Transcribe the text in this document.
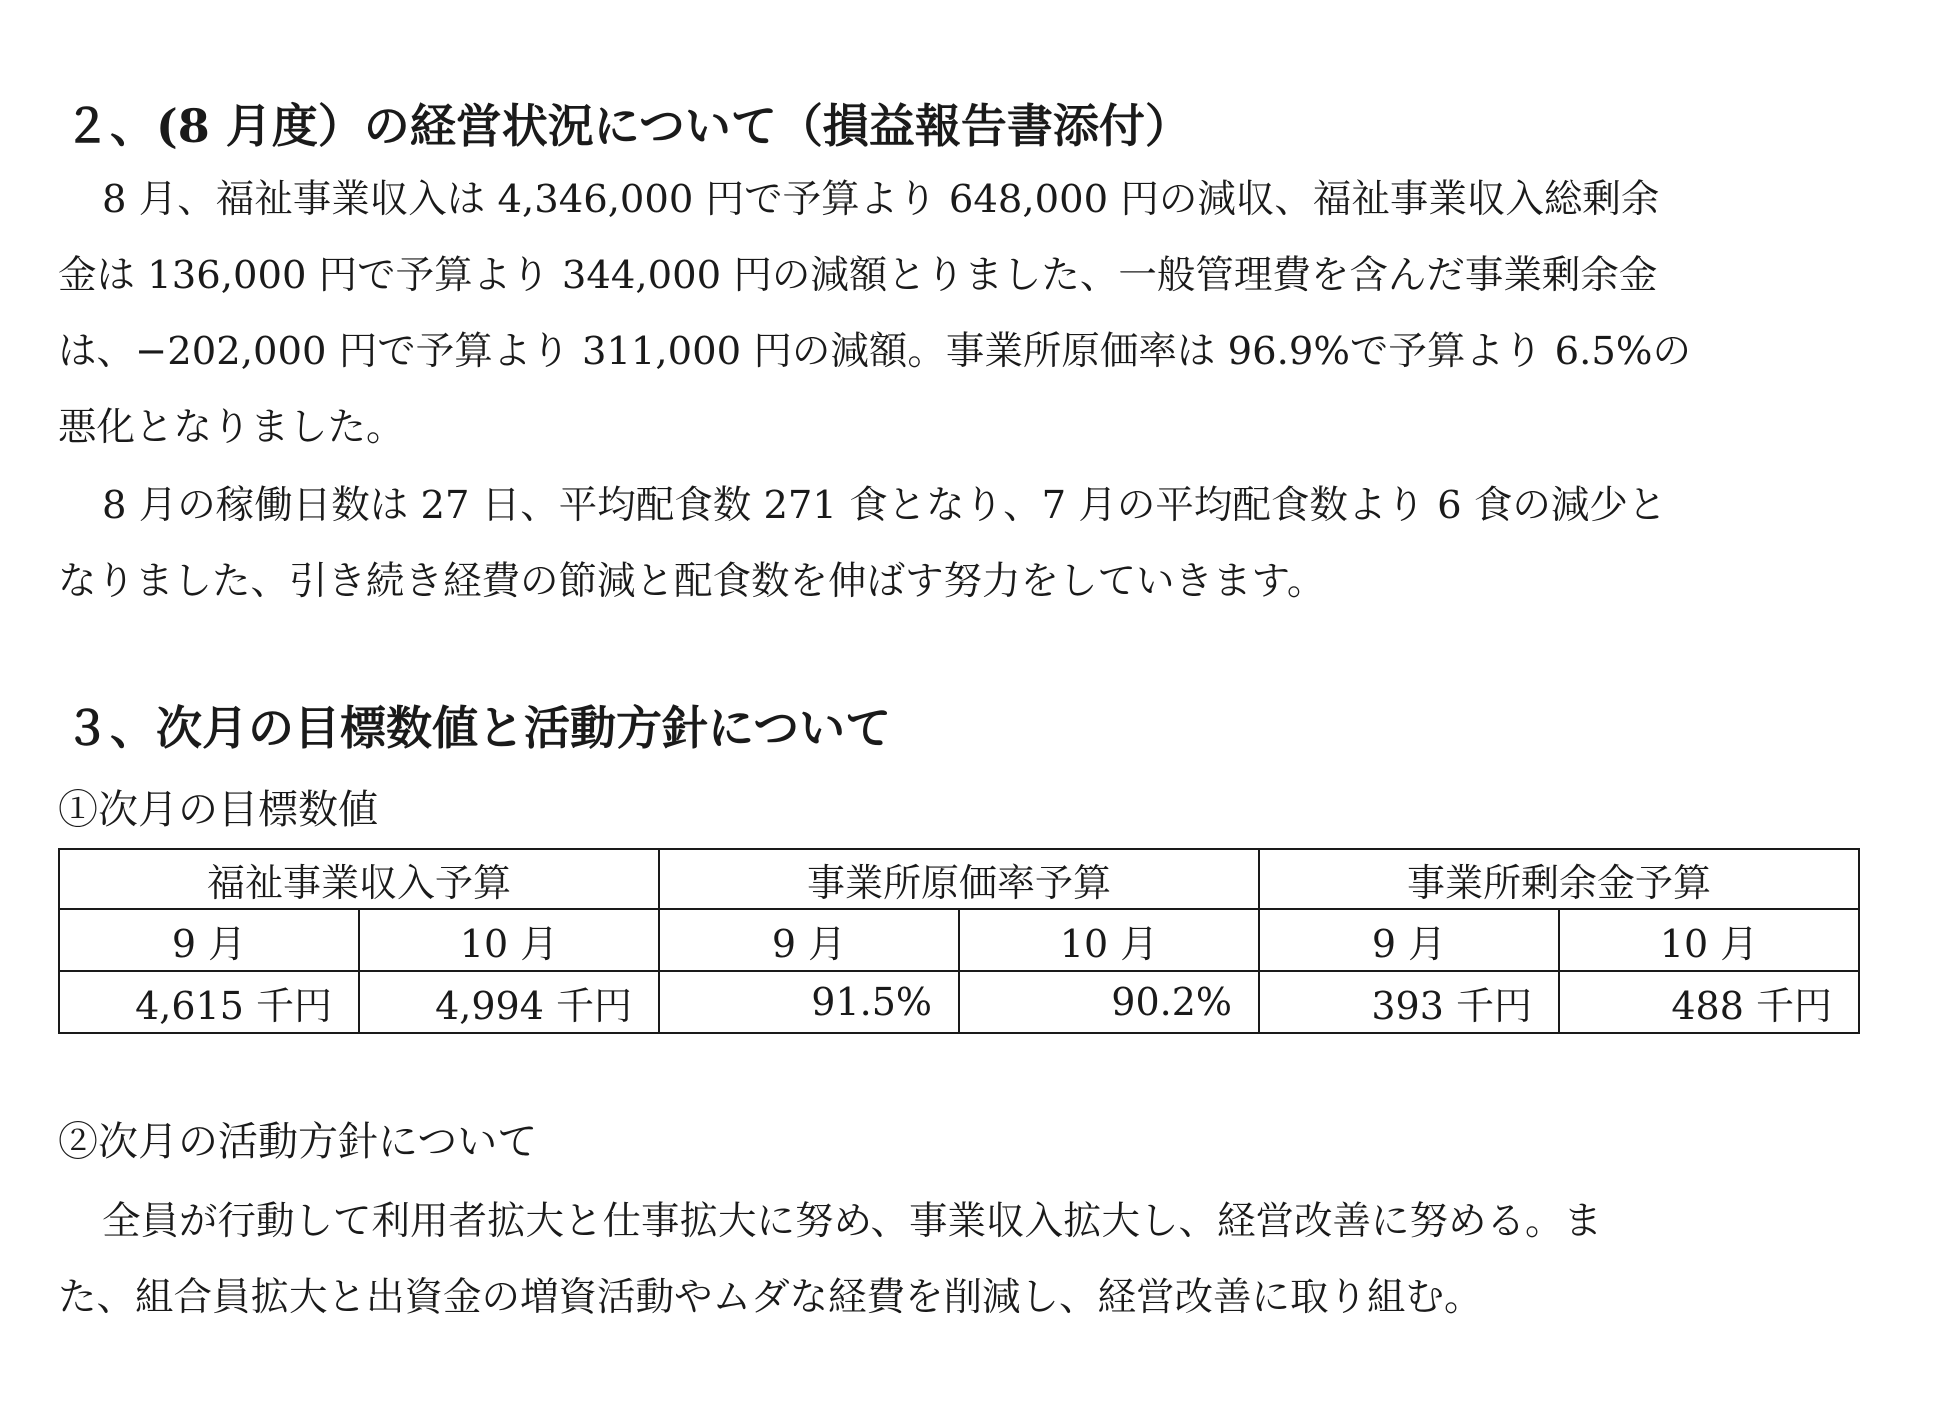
２、(8 月度）の経営状況について（損益報告書添付）
8 月、福祉事業収入は 4,346,000 円で予算より 648,000 円の減収、福祉事業収入総剰余
金は 136,000 円で予算より 344,000 円の減額とりました、一般管理費を含んだ事業剰余金
は、−202,000 円で予算より 311,000 円の減額。事業所原価率は 96.9%で予算より 6.5%の
悪化となりました。
8 月の稼働日数は 27 日、平均配食数 271 食となり、7 月の平均配食数より 6 食の減少と
なりました、引き続き経費の節減と配食数を伸ばす努力をしていきます。
３、次月の目標数値と活動方針について
①次月の目標数値
福祉事業収入予算		事業所原価率予算		事業所剰余金予算	
9 月	10 月	9 月	10 月	9 月	10 月
4,615 千円	4,994 千円	91.5%	90.2%	393 千円	488 千円
②次月の活動方針について
全員が行動して利用者拡大と仕事拡大に努め、事業収入拡大し、経営改善に努める。ま
た、組合員拡大と出資金の増資活動やムダな経費を削減し、経営改善に取り組む。
